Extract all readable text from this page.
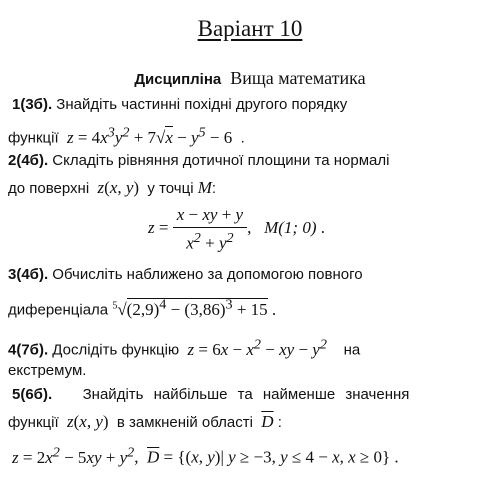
Варіант 10
Дисципліна Вища математика
1(3б). Знайдіть частинні похідні другого порядку
функції $z = 4x^3y^2 + 7√x - y^5 - 6$ .
2(4б). Складіть рівняння дотичної площини та нормалі
до поверхні z(x, y) у точці M:
$z = \frac{x - xy + y}{x^2 + y^2}$ , M(1; 0) .
3(4б). Обчисліть наближено за допомогою повного
диференціала $^5√(2,9)^4 - (3,86)^3 + 15$ .
4(7б). Дослідіть функцію $z = 6x - x^2$ − xy − $y^2$ на
екстремум.
5(6б). Знайдіть найбільше та найменше значення
функції z(x, y) в замкненій області $\overline{D}$ :
$z = 2x^2 - 5xy + y^2$, $\overline{D} = \{(x$, y)| y ≥ −3, y ≤ 4 − x, x ≥ 0} .
